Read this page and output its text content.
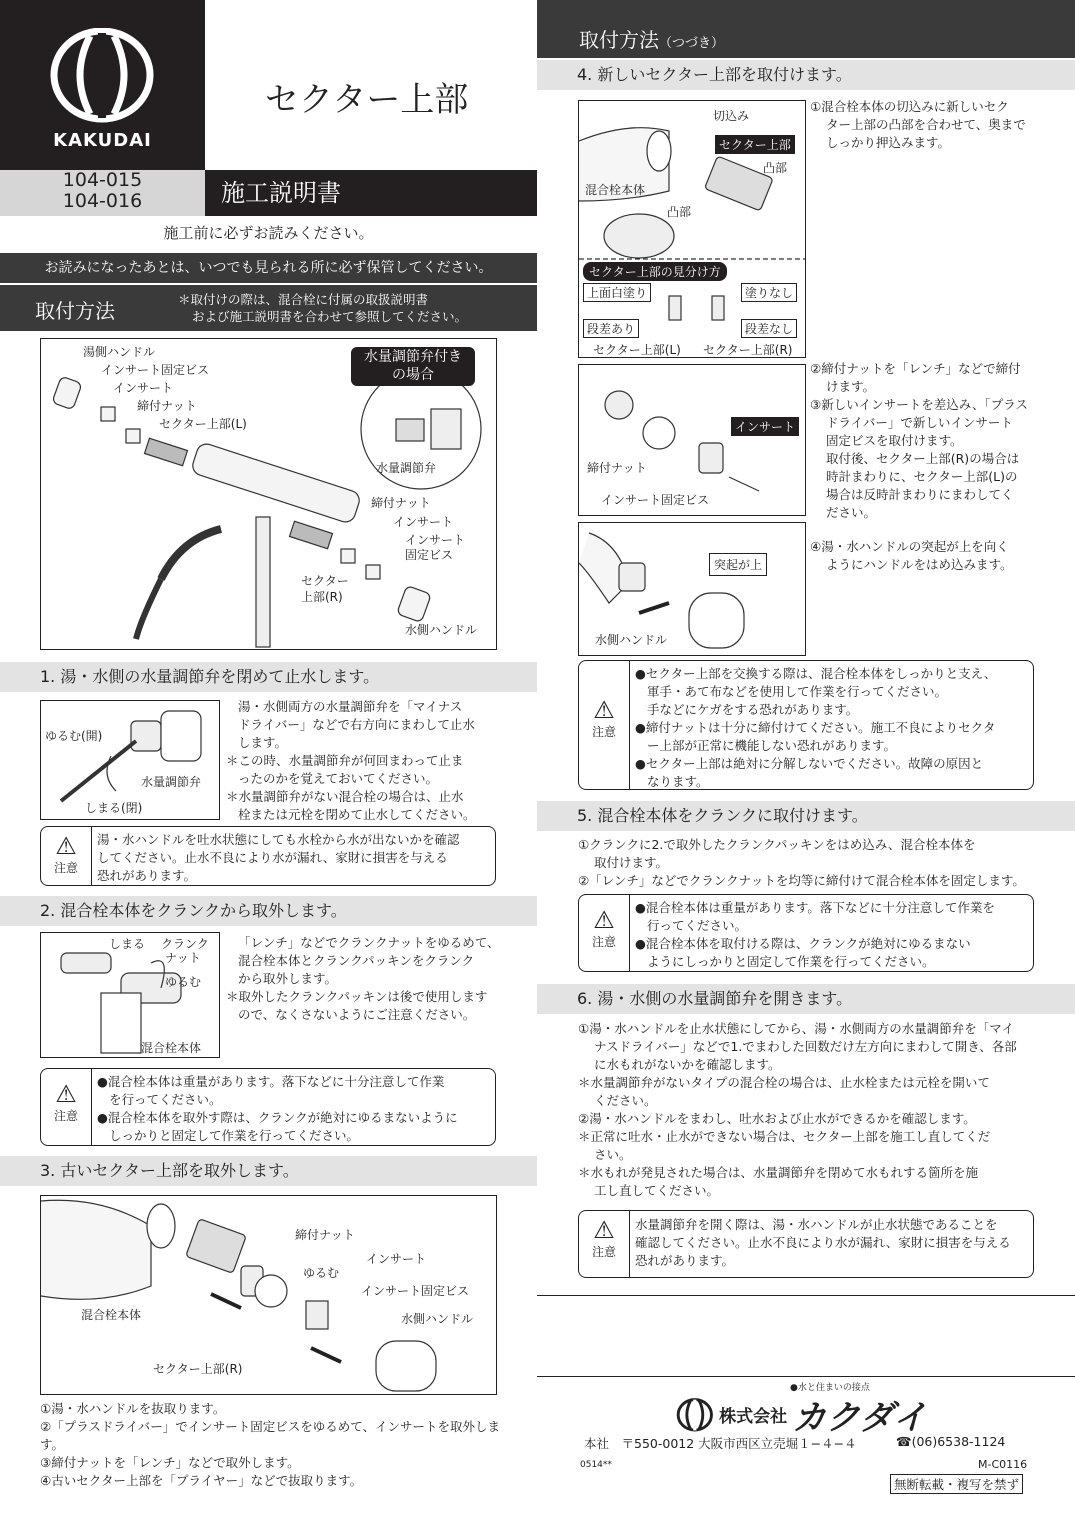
KAKUDAI
セクター上部
104-015
104-016	施工説明書
施工前に必ずお読みください。
お読みになったあとは、いつでも見られる所に必ず保管してください。
取付方法	＊取付けの際は、混合栓に付属の取扱説明書
および施工説明書を合わせて参照してください。
湯側ハンドル
インサート固定ビス
インサート
締付ナット
セクター上部(L)
水量調節弁付き
の場合
水量調節弁
締付ナット
インサート
インサート
固定ビス
セクター
上部(R)
水側ハンドル
1. 湯・水側の水量調節弁を閉めて止水します。
ゆるむ(開)
水量調節弁
しまる(閉)
湯・水側両方の水量調節弁を「マイナス
ドライバー」などで右方向にまわして止水
します。
＊この時、水量調節弁が何回まわって止ま
ったのかを覚えておいてください。
＊水量調節弁がない混合栓の場合は、止水
栓または元栓を閉めて止水してください。
⚠
注意
湯・水ハンドルを吐水状態にしても水栓から水が出ないかを確認
してください。止水不良により水が漏れ、家財に損害を与える
恐れがあります。
2. 混合栓本体をクランクから取外します。
しまる クランク
ナット
ゆるむ
混合栓本体
「レンチ」などでクランクナットをゆるめて、
混合栓本体とクランクパッキンをクランク
から取外します。
＊取外したクランクパッキンは後で使用します
ので、なくさないようにご注意ください。
⚠
注意
●混合栓本体は重量があります。落下などに十分注意して作業
を行ってください。
●混合栓本体を取外す際は、クランクが絶対にゆるまないように
しっかりと固定して作業を行ってください。
3. 古いセクター上部を取外します。
締付ナット
インサート
ゆるむ
インサート固定ビス
混合栓本体	水側ハンドル
セクター上部(R)
①湯・水ハンドルを抜取ります。
②「プラスドライバー」でインサート固定ビスをゆるめて、インサートを取外します。
③締付ナットを「レンチ」などで取外します。
④古いセクター上部を「プライヤー」などで抜取ります。
取付方法（つづき）
4. 新しいセクター上部を取付けます。
切込み
セクター上部
凸部
混合栓本体
凸部
セクター上部の見分け方
上面白塗り	塗りなし
段差あり	段差なし
セクター上部(L) セクター上部(R)
①混合栓本体の切込みに新しいセク
ター上部の凸部を合わせて、奥まで
しっかり押込みます。
インサート
締付ナット
インサート固定ビス
②締付ナットを「レンチ」などで締付
けます。
③新しいインサートを差込み、「プラス
ドライバー」で新しいインサート
固定ビスを取付けます。
取付後、セクター上部(R)の場合は
時計まわりに、セクター上部(L)の
場合は反時計まわりにまわしてく
ださい。
突起が上
水側ハンドル
④湯・水ハンドルの突起が上を向く
ようにハンドルをはめ込みます。
⚠
注意
●セクター上部を交換する際は、混合栓本体をしっかりと支え、
軍手・あて布などを使用して作業を行ってください。
手などにケガをする恐れがあります。
●締付ナットは十分に締付けてください。施工不良によりセクタ
ー上部が正常に機能しない恐れがあります。
●セクター上部は絶対に分解しないでください。故障の原因と
なります。
5. 混合栓本体をクランクに取付けます。
①クランクに2.で取外したクランクパッキンをはめ込み、混合栓本体を
取付けます。
②「レンチ」などでクランクナットを均等に締付けて混合栓本体を固定します。
⚠
注意
●混合栓本体は重量があります。落下などに十分注意して作業を
行ってください。
●混合栓本体を取付ける際は、クランクが絶対にゆるまない
ようにしっかりと固定して作業を行ってください。
6. 湯・水側の水量調節弁を開きます。
①湯・水ハンドルを止水状態にしてから、湯・水側両方の水量調節弁を「マイ
ナスドライバー」などで1.でまわした回数だけ左方向にまわして開き、各部
に水もれがないかを確認します。
＊水量調節弁がないタイプの混合栓の場合は、止水栓または元栓を開いて
ください。
②湯・水ハンドルをまわし、吐水および止水ができるかを確認します。
＊正常に吐水・止水ができない場合は、セクター上部を施工し直してくだ
さい。
＊水もれが発見された場合は、水量調節弁を閉めて水もれする箇所を施
工し直してください。
⚠
注意
水量調節弁を開く際は、湯・水ハンドルが止水状態であることを
確認してください。止水不良により水が漏れ、家財に損害を与える
恐れがあります。
●水と住まいの接点
株式会社 カクダイ
本社　〒550-0012 大阪市西区立売堀１−４−４	☎(06)6538-1124
M-C0116
0514**
無断転載・複写を禁ず
